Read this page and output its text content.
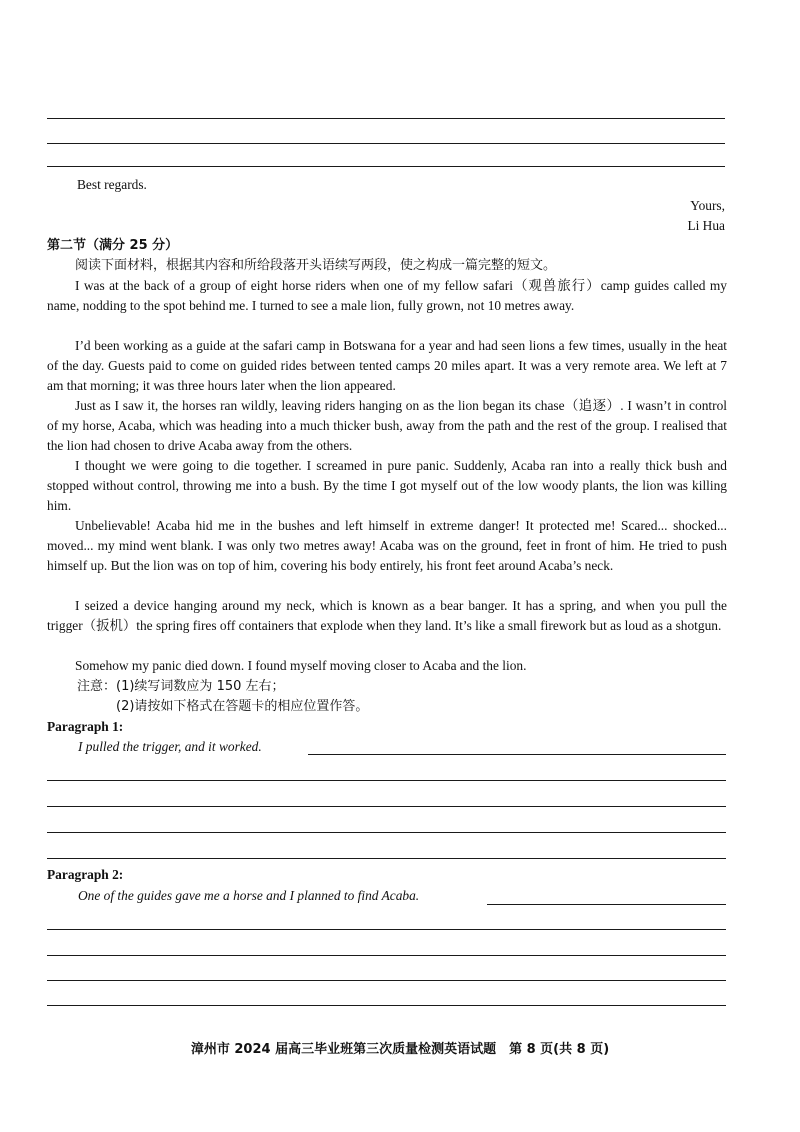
Best regards.
Yours,
Li Hua
第二节（满分 25 分）
阅读下面材料，根据其内容和所给段落开头语续写两段，使之构成一篇完整的短文。

I was at the back of a group of eight horse riders when one of my fellow safari（观兽旅行）camp guides called my name, nodding to the spot behind me. I turned to see a male lion, fully grown, not 10 metres away.

I’d been working as a guide at the safari camp in Botswana for a year and had seen lions a few times, usually in the heat of the day. Guests paid to come on guided rides between tented camps 20 miles apart. It was a very remote area. We left at 7 am that morning; it was three hours later when the lion appeared.

Just as I saw it, the horses ran wildly, leaving riders hanging on as the lion began its chase（追逐）. I wasn’t in control of my horse, Acaba, which was heading into a much thicker bush, away from the path and the rest of the group. I realised that the lion had chosen to drive Acaba away from the others.

I thought we were going to die together. I screamed in pure panic. Suddenly, Acaba ran into a really thick bush and stopped without control, throwing me into a bush. By the time I got myself out of the low woody plants, the lion was killing him.

Unbelievable! Acaba hid me in the bushes and left himself in extreme danger! It protected me! Scared... shocked... moved... my mind went blank. I was only two metres away! Acaba was on the ground, feet in front of him. He tried to push himself up. But the lion was on top of him, covering his body entirely, his front feet around Acaba’s neck.

I seized a device hanging around my neck, which is known as a bear banger. It has a spring, and when you pull the trigger（扳机）the spring fires off containers that explode when they land. It’s like a small firework but as loud as a shotgun.

Somehow my panic died down. I found myself moving closer to Acaba and the lion.

注意：(1)续写词数应为 150 左右；
(2)请按如下格式在答题卡的相应位置作答。
Paragraph 1:
I pulled the trigger, and it worked.
Paragraph 2:
One of the guides gave me a horse and I planned to find Acaba.
漳州市 2024 届高三毕业班第三次质量检测英语试题　第 8 页(共 8 页)
